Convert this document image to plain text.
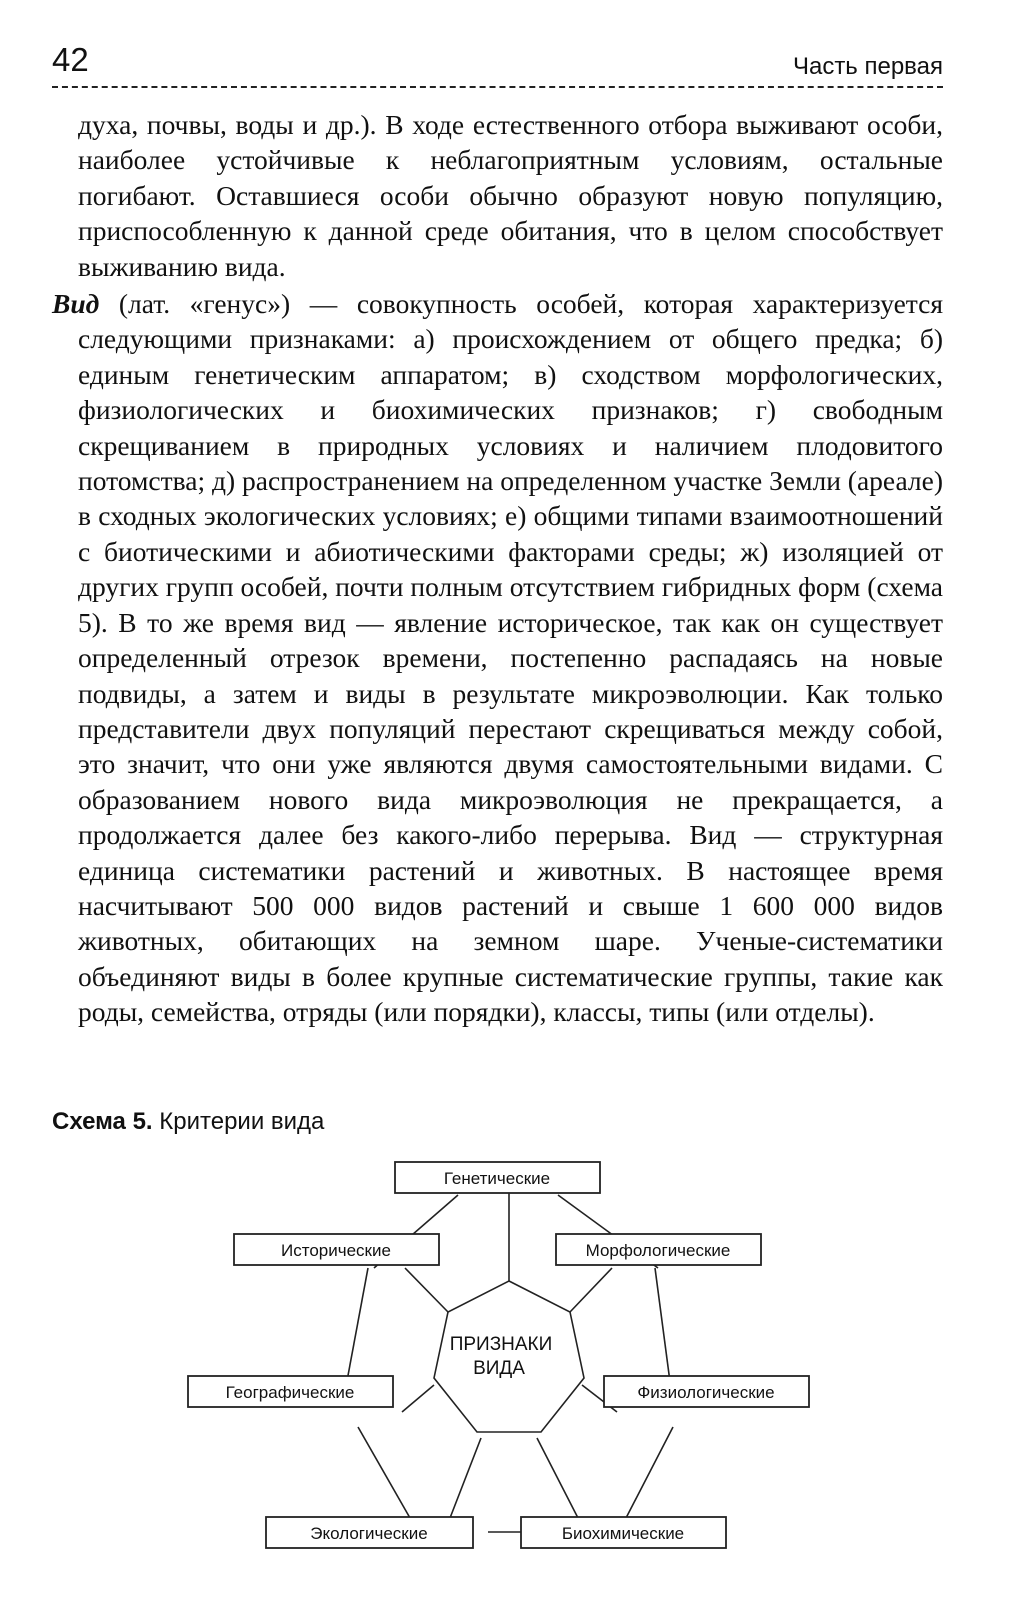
42	Часть первая

духа, почвы, воды и др.). В ходе естественного отбора выживают особи, наиболее устойчивые к неблагоприятным условиям, остальные погибают. Оставшиеся особи обычно образуют новую популяцию, приспособленную к данной среде обитания, что в целом способствует выживанию вида.

Вид (лат. «генус») — совокупность особей, которая характеризуется следующими признаками: а) происхождением от общего предка; б) единым генетическим аппаратом; в) сходством морфологических, физиологических и биохимических признаков; г) свободным скрещиванием в природных условиях и наличием плодовитого потомства; д) распространением на определенном участке Земли (ареале) в сходных экологических условиях; е) общими типами взаимоотношений с биотическими и абиотическими факторами среды; ж) изоляцией от других групп особей, почти полным отсутствием гибридных форм (схема 5). В то же время вид — явление историческое, так как он существует определенный отрезок времени, постепенно распадаясь на новые подвиды, а затем и виды в результате микроэволюции. Как только представители двух популяций перестают скрещиваться между собой, это значит, что они уже являются двумя самостоятельными видами. С образованием нового вида микроэволюция не прекращается, а продолжается далее без какого-либо перерыва. Вид — структурная единица систематики растений и животных. В настоящее время насчитывают 500 000 видов растений и свыше 1 600 000 видов животных, обитающих на земном шаре. Ученые-систематики объединяют виды в более крупные систематические группы, такие как роды, семейства, отряды (или порядки), классы, типы (или отделы).

Схема 5. Критерии вида
Генетические
Исторические	Морфологические
Географические	Физиологические
Экологические	Биохимические
ПРИЗНАКИ
ВИДА
